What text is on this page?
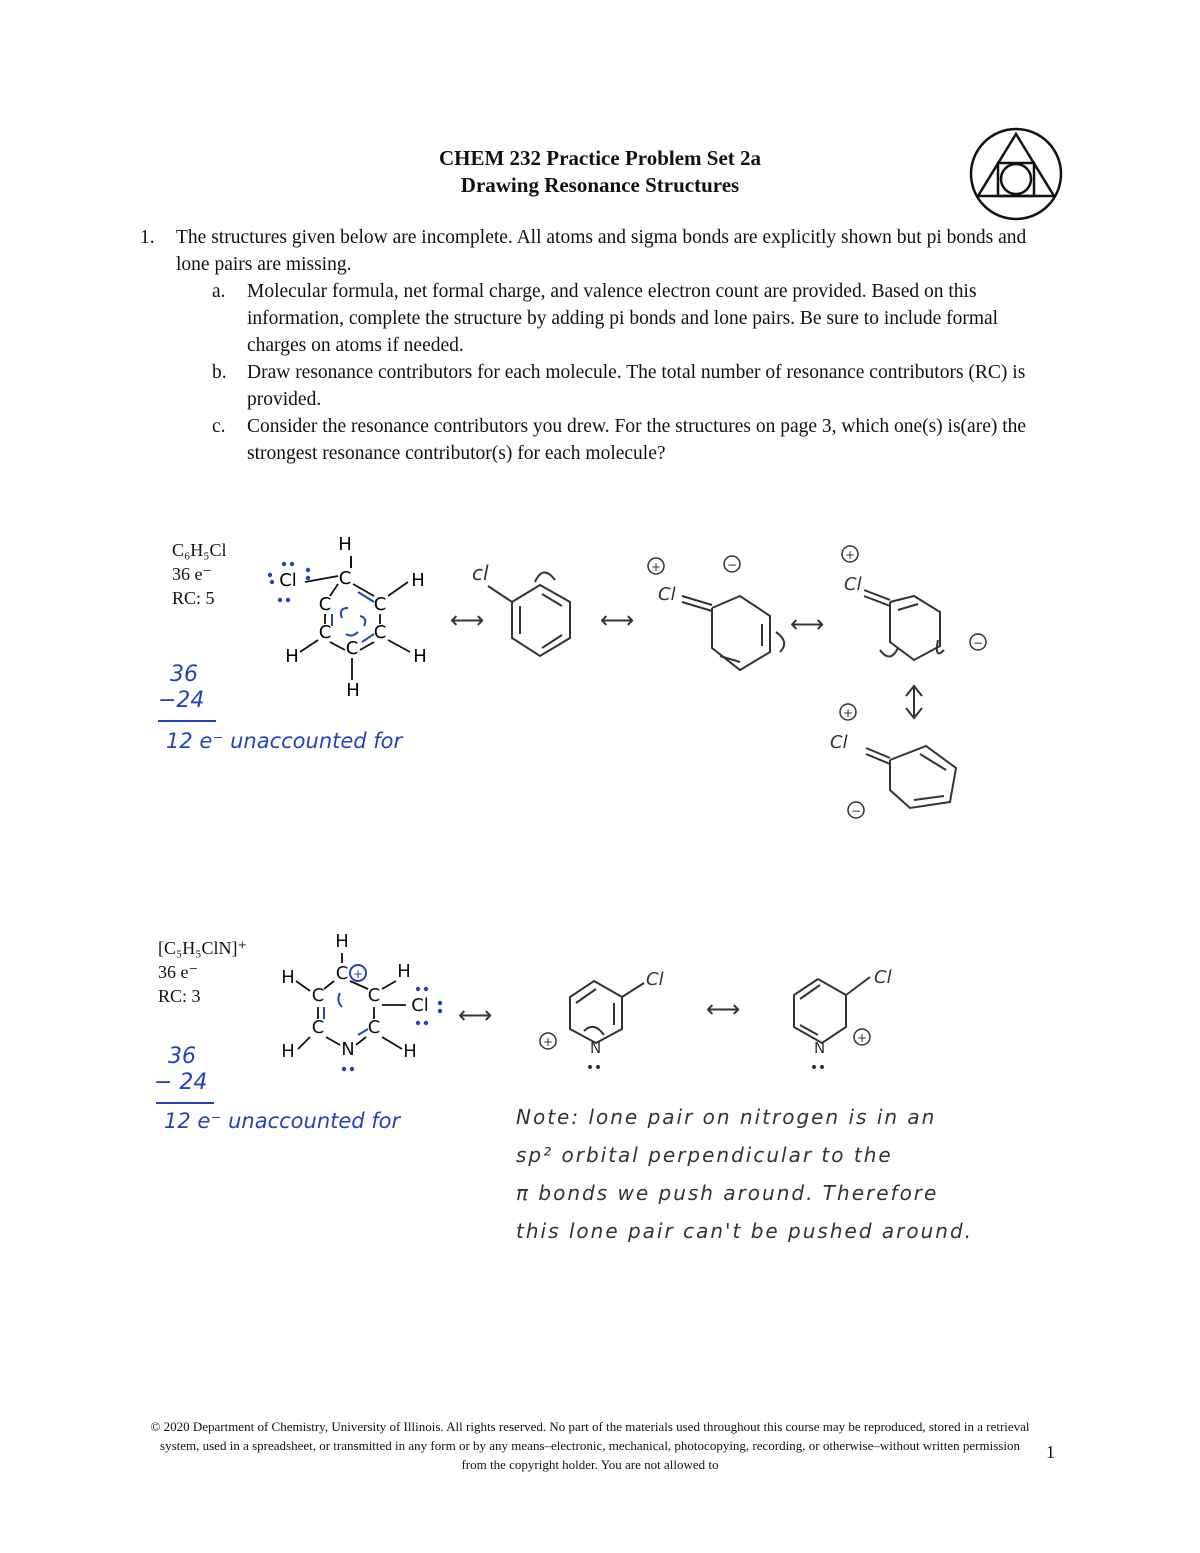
CHEM 232 Practice Problem Set 2a
Drawing Resonance Structures
1. The structures given below are incomplete. All atoms and sigma bonds are explicitly shown but pi bonds and lone pairs are missing.
a. Molecular formula, net formal charge, and valence electron count are provided. Based on this information, complete the structure by adding pi bonds and lone pairs. Be sure to include formal charges on atoms if needed.
b. Draw resonance contributors for each molecule. The total number of resonance contributors (RC) is provided.
c. Consider the resonance contributors you drew. For the structures on page 3, which one(s) is(are) the strongest resonance contributor(s) for each molecule?
C₆H₅Cl
36 e⁻
RC: 5
36
−24
12 e⁻ unaccounted for
H
C
C C
C C
C
Cl	H
H	H
H
⟷	⟷	⟷
cl	+
Cl
−
+
Cl
−
+
Cl
−
[C₅H₅ClN]⁺
36 e⁻
RC: 3
36
− 24
12 e⁻ unaccounted for
H
C
C C
C C
N
H	H
H	H
Cl
+
⟷	⟷
Cl
N
+
Cl
N
+
Note: lone pair on nitrogen is in an
sp² orbital perpendicular to the
π bonds we push around. Therefore
this lone pair can't be pushed around.
© 2020 Department of Chemistry, University of Illinois. All rights reserved. No part of the materials used throughout this course may be reproduced, stored in a retrieval system, used in a spreadsheet, or transmitted in any form or by any means–electronic, mechanical, photocopying, recording, or otherwise–without written permission from the copyright holder. You are not allowed to
1
